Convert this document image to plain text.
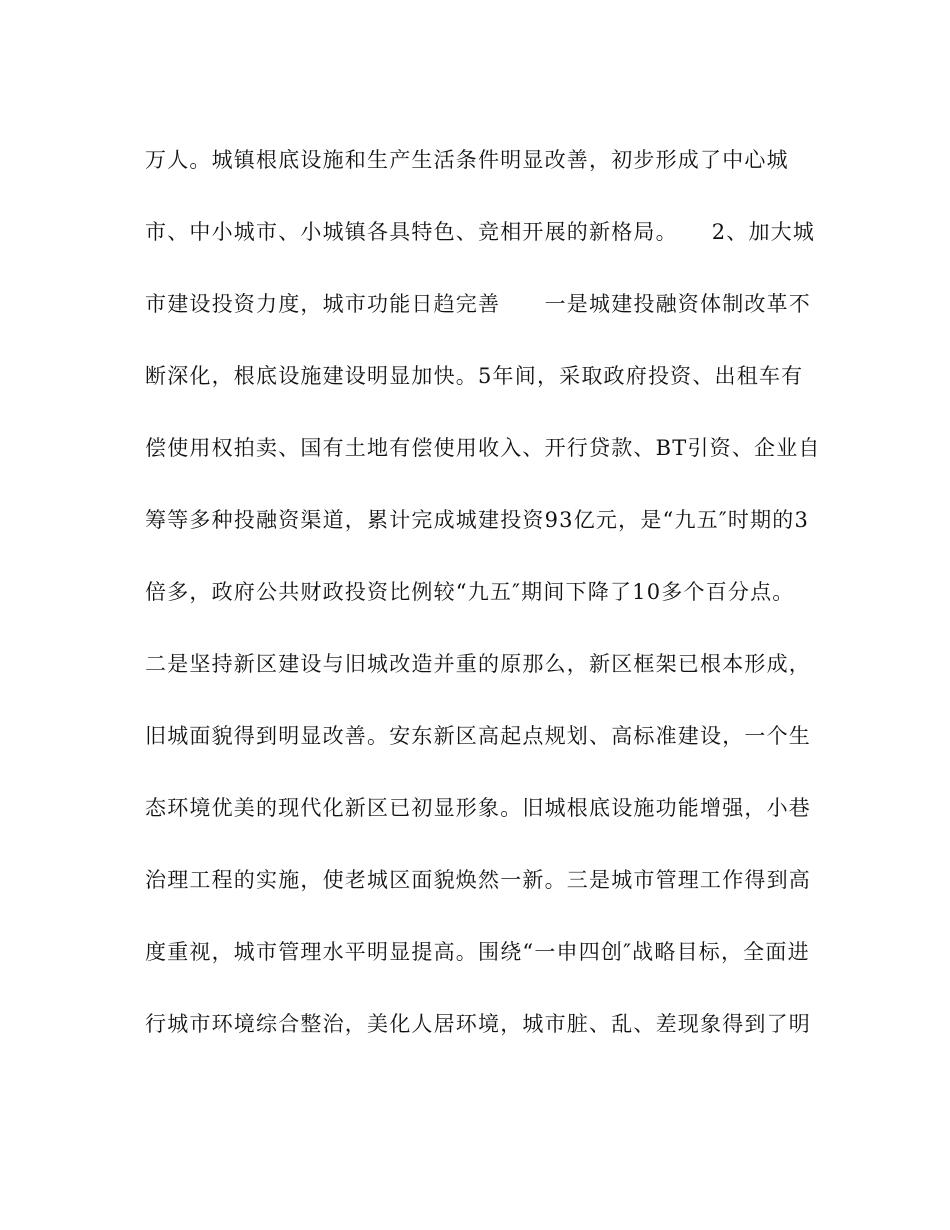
万人。城镇根底设施和生产生活条件明显改善，初步形成了中心城
市、中小城市、小城镇各具特色、竞相开展的新格局。　　2、加大城
市建设投资力度，城市功能日趋完善　　一是城建投融资体制改革不
断深化，根底设施建设明显加快。5年间，采取政府投资、出租车有
偿使用权拍卖、国有土地有偿使用收入、开行贷款、BT引资、企业自
筹等多种投融资渠道，累计完成城建投资93亿元，是“九五″时期的3
倍多，政府公共财政投资比例较“九五″期间下降了10多个百分点。
二是坚持新区建设与旧城改造并重的原那么，新区框架已根本形成，
旧城面貌得到明显改善。安东新区高起点规划、高标准建设，一个生
态环境优美的现代化新区已初显形象。旧城根底设施功能增强，小巷
治理工程的实施，使老城区面貌焕然一新。三是城市管理工作得到高
度重视，城市管理水平明显提高。围绕“一申四创″战略目标，全面进
行城市环境综合整治，美化人居环境，城市脏、乱、差现象得到了明
